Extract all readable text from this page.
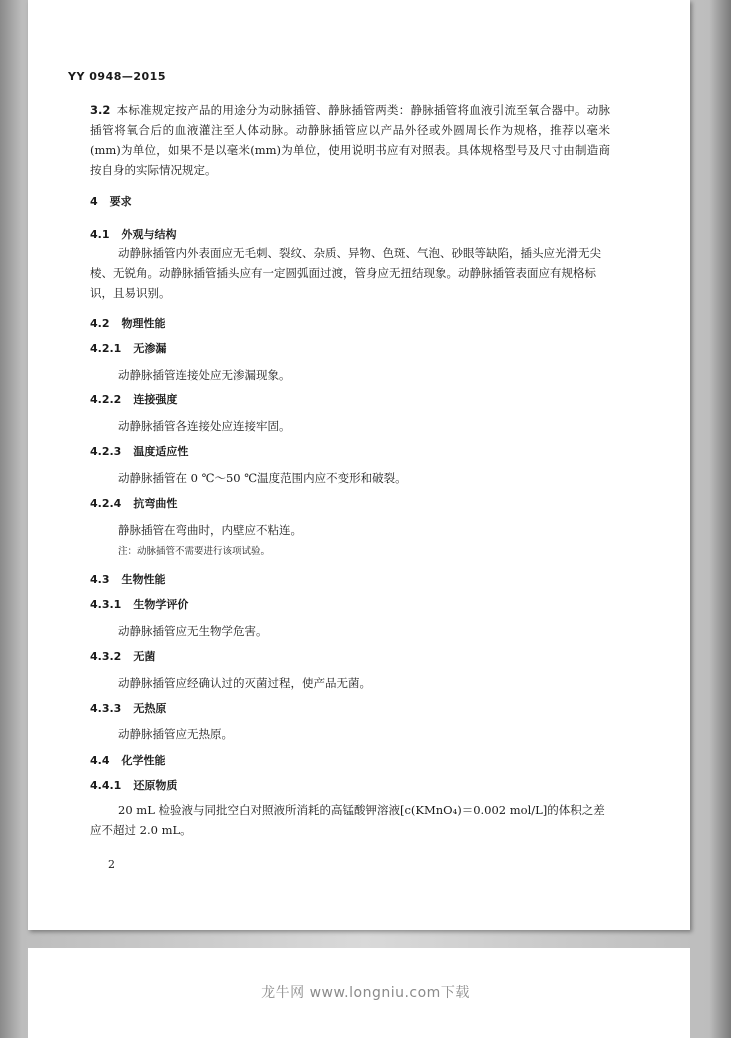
YY 0948—2015
3.2 本标准规定按产品的用途分为动脉插管、静脉插管两类：静脉插管将血液引流至氧合器中。动脉插管将氧合后的血液灌注至人体动脉。动静脉插管应以产品外径或外圆周长作为规格，推荐以毫米(mm)为单位，如果不是以毫米(mm)为单位，使用说明书应有对照表。具体规格型号及尺寸由制造商按自身的实际情况规定。
4 要求
4.1 外观与结构
动静脉插管内外表面应无毛刺、裂纹、杂质、异物、色斑、气泡、砂眼等缺陷，插头应光滑无尖棱、无锐角。动静脉插管插头应有一定圆弧面过渡，管身应无扭结现象。动静脉插管表面应有规格标识，且易识别。
4.2 物理性能
4.2.1 无渗漏
动静脉插管连接处应无渗漏现象。
4.2.2 连接强度
动静脉插管各连接处应连接牢固。
4.2.3 温度适应性
动静脉插管在 0 ℃～50 ℃温度范围内应不变形和破裂。
4.2.4 抗弯曲性
静脉插管在弯曲时，内壁应不粘连。
注：动脉插管不需要进行该项试验。
4.3 生物性能
4.3.1 生物学评价
动静脉插管应无生物学危害。
4.3.2 无菌
动静脉插管应经确认过的灭菌过程，使产品无菌。
4.3.3 无热原
动静脉插管应无热原。
4.4 化学性能
4.4.1 还原物质
20 mL 检验液与同批空白对照液所消耗的高锰酸钾溶液[c(KMnO₄)＝0.002 mol/L]的体积之差应不超过 2.0 mL。
2
龙牛网 www.longniu.com下载
